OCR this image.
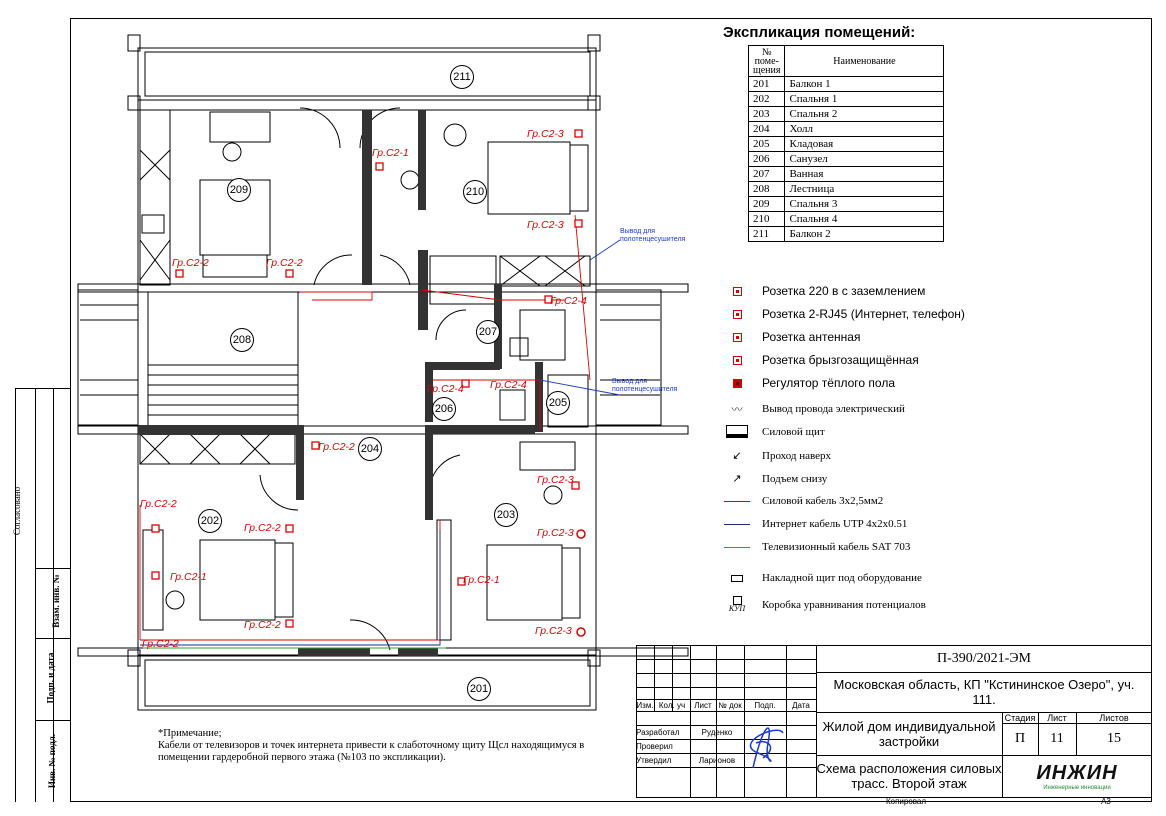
Согласовано
Взам. инв. №
Подп. и дата
Инв. № подл.
211
209	210
208
207
206	205
204
202	203
201
Гр.С2-2	Гр.С2-2
Гр.С2-1
Гр.С2-3
Гр.С2-3
Гр.С2-4
Гр.С2-4 Гр.С2-4
Гр.С2-2
Гр.С2-2
Гр.С2-2
Гр.С2-1
Гр.С2-2
Гр.С2-2
Гр.С2-3
Гр.С2-3
Гр.С2-1
Гр.С2-3
Вывод для полотенцесушителя
Вывод для полотенцесушителя
Экспликация помещений:
№ поме- щения	Наименование
201	Балкон 1
202	Спальня 1
203	Спальня 2
204	Холл
205	Кладовая
206	Санузел
207	Ванная
208	Лестница
209	Спальня 3
210	Спальня 4
211	Балкон 2
Розетка 220 в с заземлением
Розетка 2-RJ45 (Интернет, телефон)
Розетка антенная
Розетка брызгозащищённая
Регулятор тёплого пола
〰	Вывод провода электрический
Силовой щит
↙	Проход наверх
↗	Подъем снизу
Силовой кабель 3х2,5мм2
Интернет кабель UTP 4х2х0.51
Телевизионный кабель SAT 703
Накладной щит под оборудование
КУП Коробка уравнивания потенциалов
*Примечание;
Кабели от телевизоров и точек интернета привести к слаботочному щиту Щсл находящимуся в
помещении гардеробной первого этажа (№103 по экспликации).
Изм. Кол. уч	Лист № док	Подп.	Дата
Разработал	Руденко
Проверил
Утвердил	Ларионов
П-390/2021-ЭМ
Московская область, КП "Кстининское Озеро", уч. 111.
Жилой дом индивидуальной застройки
Стадия	Лист	Листов
П	11	15
Схема расположения силовых трасс. Второй этаж	ИНЖИН
Инженерные инновации
Копировал	А3
